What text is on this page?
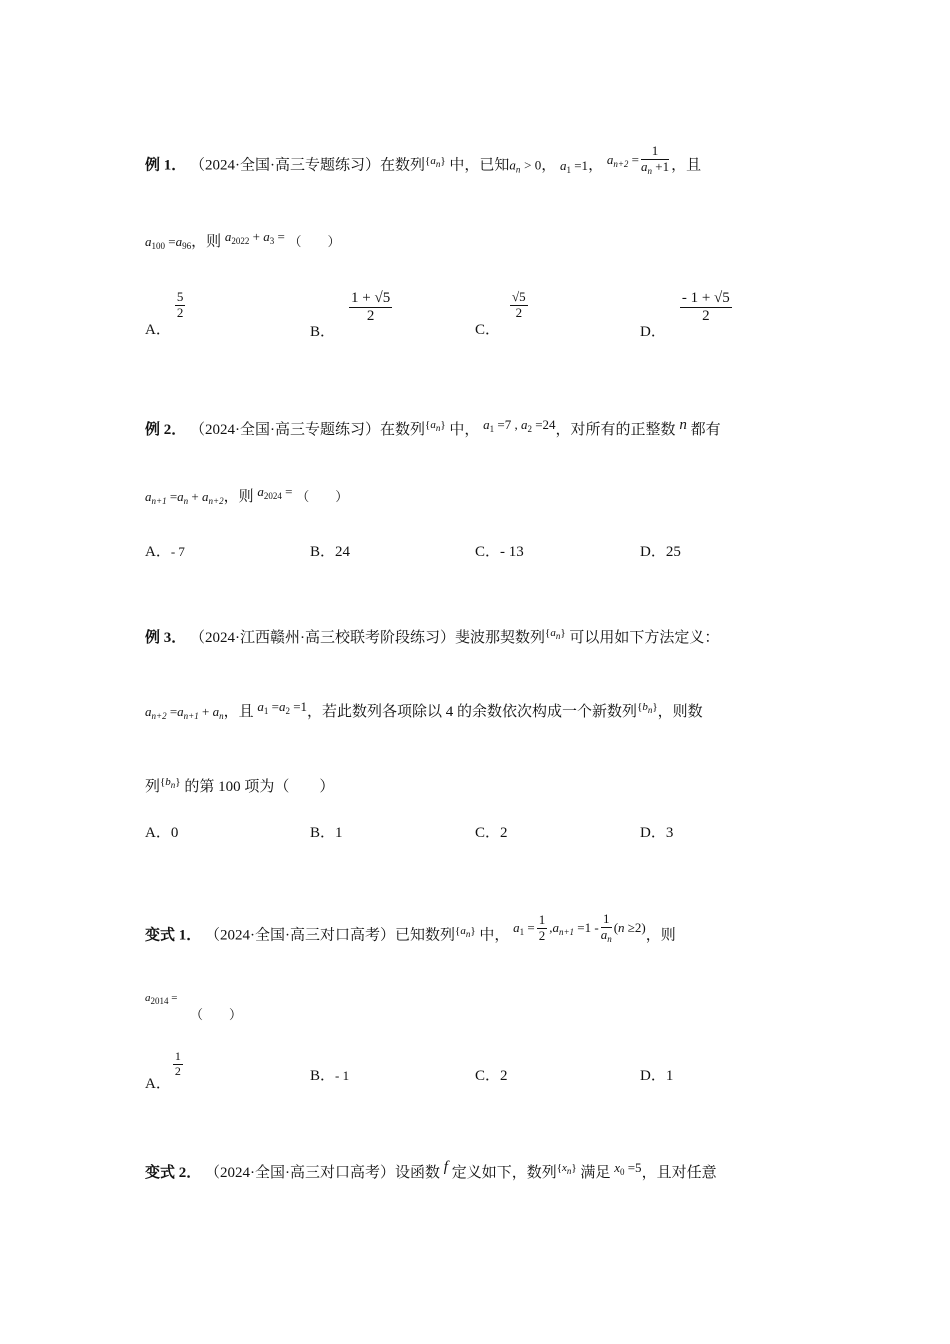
例 1． （2024·全国·高三专题练习）在数列$^{\{a_n\}}$ 中，已知$a_n > 0$， $a_1 =1$， $a_{n+2} = \frac{1}{a_n +1}$ ，且
$a_{100} =a_{96}$，则 $a_{2022} + a_3$ = （　　）
A．
$\frac{5}{2}$
B．
$\frac{1 + √5}{2}$
C．
$\frac{√5}{2}$
D．
$\frac{- 1 + √5}{2}$
例 2． （2024·全国·高三专题练习）在数列$^{\{a_n\}}$ 中， $a_1 =7$ , $a_2 =24$，对所有的正整数 n 都有
$a_{n+1} =a_n + a_{n+2}$，则 $a_{2024}$ = （　　）
A．- 7	B．24	C．- 13	D．25
例 3． （2024·江西赣州·高三校联考阶段练习）斐波那契数列$^{\{a_n\}}$ 可以用如下方法定义：
$a_{n+2} =a_{n+1} + a_n$，且 $a_1 =a_2 =1$，若此数列各项除以 4 的余数依次构成一个新数列$^{\{b_n\}}$，则数
列$^{\{b_n\}}$ 的第 100 项为（　　）
A．0	B．1	C．2	D．3
变式 1． （2024·全国·高三对口高考）已知数列$^{\{a_n\}}$ 中， $a_1 = \frac{1}{2} ,a_{n+1} =1 - \frac{1}{a_n} (n \ge 2)$，则
$a_{2014}$ =
（　　）
A．
$\frac{1}{2}$	B．- 1	C．2	D．1
变式 2． （2024·全国·高三对口高考）设函数 f 定义如下，数列$^{\{x_n\}}$ 满足 $x_0 =5$，且对任意
